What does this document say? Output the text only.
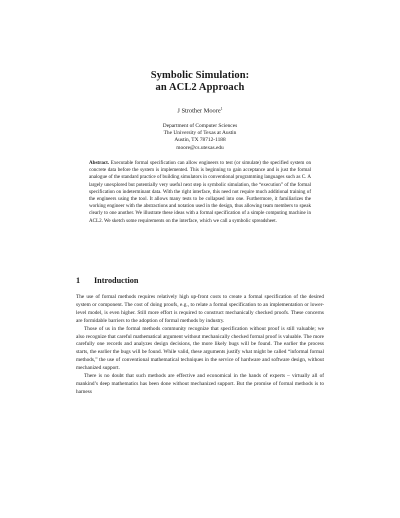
Symbolic Simulation:
an ACL2 Approach
J Strother Moore$^1$
Department of Computer Sciences
The University of Texas at Austin
Austin, TX 78712-1188
moore@cs.utexas.edu
Abstract. Executable formal specification can allow engineers to test (or simulate) the specified system on concrete data before the system is implemented. This is beginning to gain acceptance and is just the formal analogue of the standard practice of building simulators in conventional programming languages such as C. A largely unexplored but potentially very useful next step is symbolic simulation, the “execution” of the formal specification on indeterminant data. With the right interface, this need not require much additional training of the engineers using the tool. It allows many tests to be collapsed into one. Furthermore, it familiarizes the working engineer with the abstractions and notation used in the design, thus allowing team members to speak clearly to one another. We illustrate these ideas with a formal specification of a simple computing machine in ACL2. We sketch some requirements on the interface, which we call a symbolic spreadsheet.
1 Introduction

The use of formal methods requires relatively high up-front costs to create a formal specification of the desired system or component. The cost of doing proofs, e.g., to relate a formal specification to an implementation or lower-level model, is even higher. Still more effort is required to construct mechanically checked proofs. These concerns are formidable barriers to the adoption of formal methods by industry.

Those of us in the formal methods community recognize that specification without proof is still valuable; we also recognize that careful mathematical argument without mechanically checked formal proof is valuable. The more carefully one records and analyzes design decisions, the more likely bugs will be found. The earlier the process starts, the earlier the bugs will be found. While valid, these arguments justify what might be called “informal formal methods,” the use of conventional mathematical techniques in the service of hardware and software design, without mechanized support.

There is no doubt that such methods are effective and economical in the hands of experts – virtually all of mankind’s deep mathematics has been done without mechanized support. But the promise of formal methods is to harness
